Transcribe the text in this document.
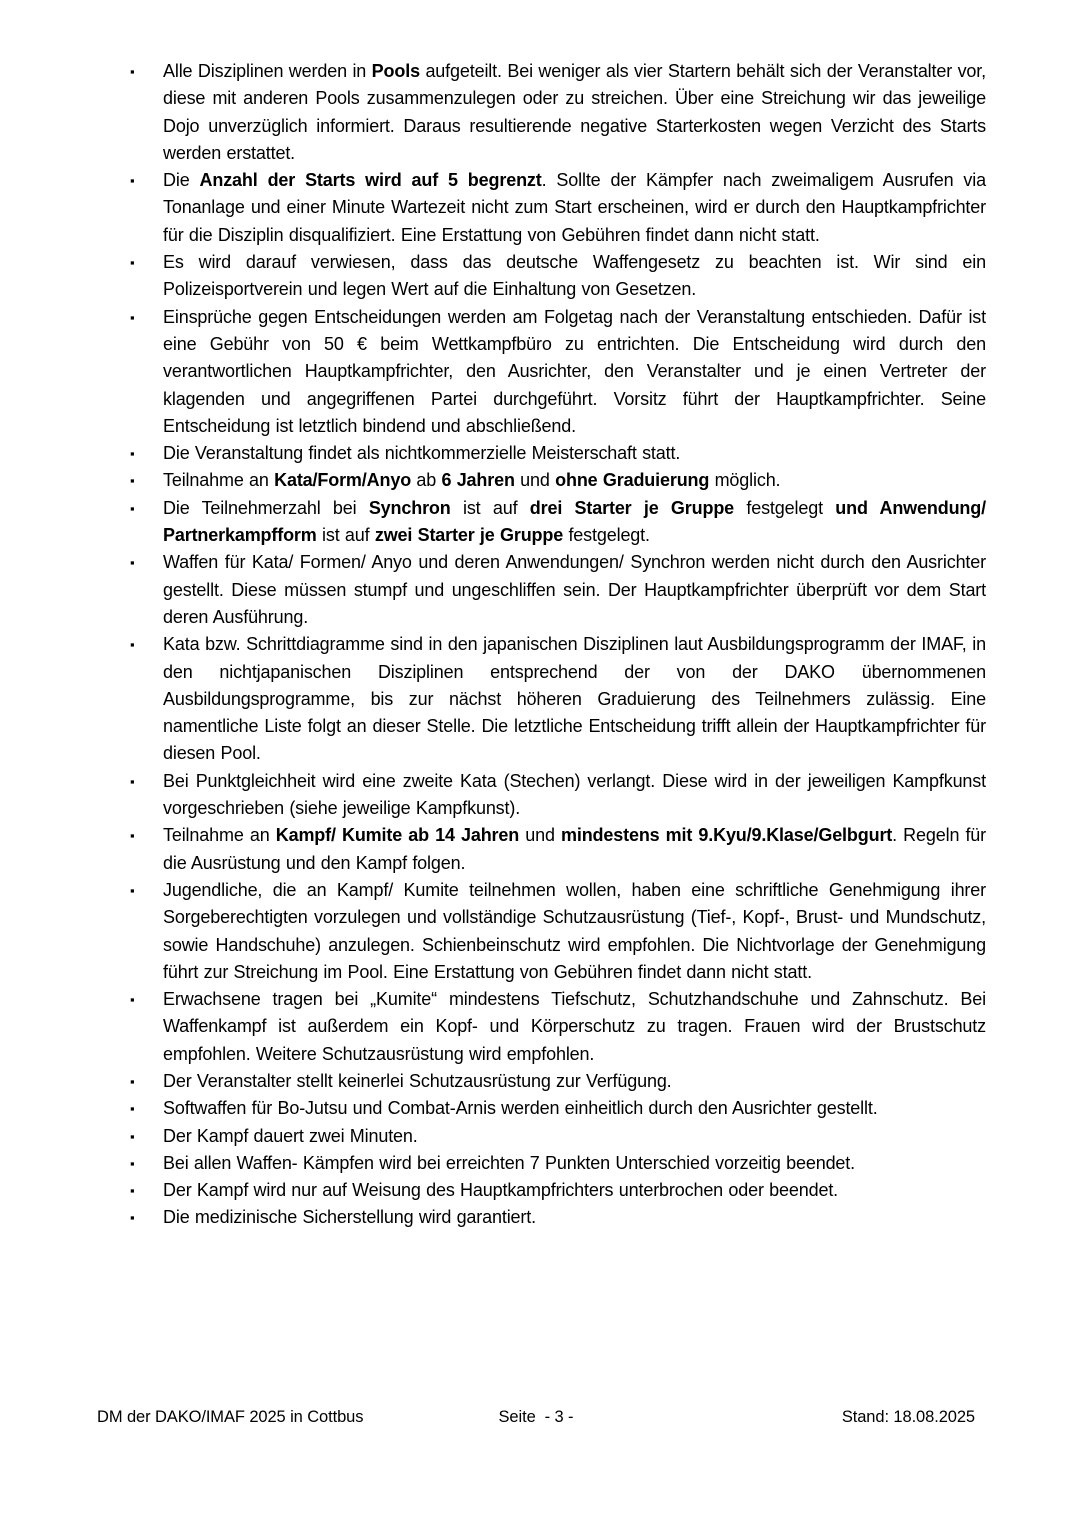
▪ Alle Disziplinen werden in Pools aufgeteilt. Bei weniger als vier Startern behält sich der Veranstalter vor, diese mit anderen Pools zusammenzulegen oder zu streichen. Über eine Streichung wir das jeweilige Dojo unverzüglich informiert. Daraus resultierende negative Starterkosten wegen Verzicht des Starts werden erstattet.
▪ Die Anzahl der Starts wird auf 5 begrenzt. Sollte der Kämpfer nach zweimaligem Ausrufen via Tonanlage und einer Minute Wartezeit nicht zum Start erscheinen, wird er durch den Hauptkampfrichter für die Disziplin disqualifiziert. Eine Erstattung von Gebühren findet dann nicht statt.
▪ Es wird darauf verwiesen, dass das deutsche Waffengesetz zu beachten ist. Wir sind ein Polizeisportverein und legen Wert auf die Einhaltung von Gesetzen.
▪ Einsprüche gegen Entscheidungen werden am Folgetag nach der Veranstaltung entschieden. Dafür ist eine Gebühr von 50 € beim Wettkampfbüro zu entrichten. Die Entscheidung wird durch den verantwortlichen Hauptkampfrichter, den Ausrichter, den Veranstalter und je einen Vertreter der klagenden und angegriffenen Partei durchgeführt. Vorsitz führt der Hauptkampfrichter. Seine Entscheidung ist letztlich bindend und abschließend.
▪ Die Veranstaltung findet als nichtkommerzielle Meisterschaft statt.
▪ Teilnahme an Kata/Form/Anyo ab 6 Jahren und ohne Graduierung möglich.
▪ Die Teilnehmerzahl bei Synchron ist auf drei Starter je Gruppe festgelegt und Anwendung/ Partnerkampfform ist auf zwei Starter je Gruppe festgelegt.
▪ Waffen für Kata/ Formen/ Anyo und deren Anwendungen/ Synchron werden nicht durch den Ausrichter gestellt. Diese müssen stumpf und ungeschliffen sein. Der Hauptkampfrichter überprüft vor dem Start deren Ausführung.
▪ Kata bzw. Schrittdiagramme sind in den japanischen Disziplinen laut Ausbildungsprogramm der IMAF, in den nichtjapanischen Disziplinen entsprechend der von der DAKO übernommenen Ausbildungsprogramme, bis zur nächst höheren Graduierung des Teilnehmers zulässig. Eine namentliche Liste folgt an dieser Stelle. Die letztliche Entscheidung trifft allein der Hauptkampfrichter für diesen Pool.
▪ Bei Punktgleichheit wird eine zweite Kata (Stechen) verlangt. Diese wird in der jeweiligen Kampfkunst vorgeschrieben (siehe jeweilige Kampfkunst).
▪ Teilnahme an Kampf/ Kumite ab 14 Jahren und mindestens mit 9.Kyu/9.Klase/Gelbgurt. Regeln für die Ausrüstung und den Kampf folgen.
▪ Jugendliche, die an Kampf/ Kumite teilnehmen wollen, haben eine schriftliche Genehmigung ihrer Sorgeberechtigten vorzulegen und vollständige Schutzausrüstung (Tief-, Kopf-, Brust- und Mundschutz, sowie Handschuhe) anzulegen. Schienbeinschutz wird empfohlen. Die Nichtvorlage der Genehmigung führt zur Streichung im Pool. Eine Erstattung von Gebühren findet dann nicht statt.
▪ Erwachsene tragen bei „Kumite“ mindestens Tiefschutz, Schutzhandschuhe und Zahnschutz. Bei Waffenkampf ist außerdem ein Kopf- und Körperschutz zu tragen. Frauen wird der Brustschutz empfohlen. Weitere Schutzausrüstung wird empfohlen.
▪ Der Veranstalter stellt keinerlei Schutzausrüstung zur Verfügung.
▪ Softwaffen für Bo-Jutsu und Combat-Arnis werden einheitlich durch den Ausrichter gestellt.
▪ Der Kampf dauert zwei Minuten.
▪ Bei allen Waffen- Kämpfen wird bei erreichten 7 Punkten Unterschied vorzeitig beendet.
▪ Der Kampf wird nur auf Weisung des Hauptkampfrichters unterbrochen oder beendet.
▪ Die medizinische Sicherstellung wird garantiert.
DM der DAKO/IMAF 2025 in Cottbus	Seite  - 3 -	Stand: 18.08.2025
